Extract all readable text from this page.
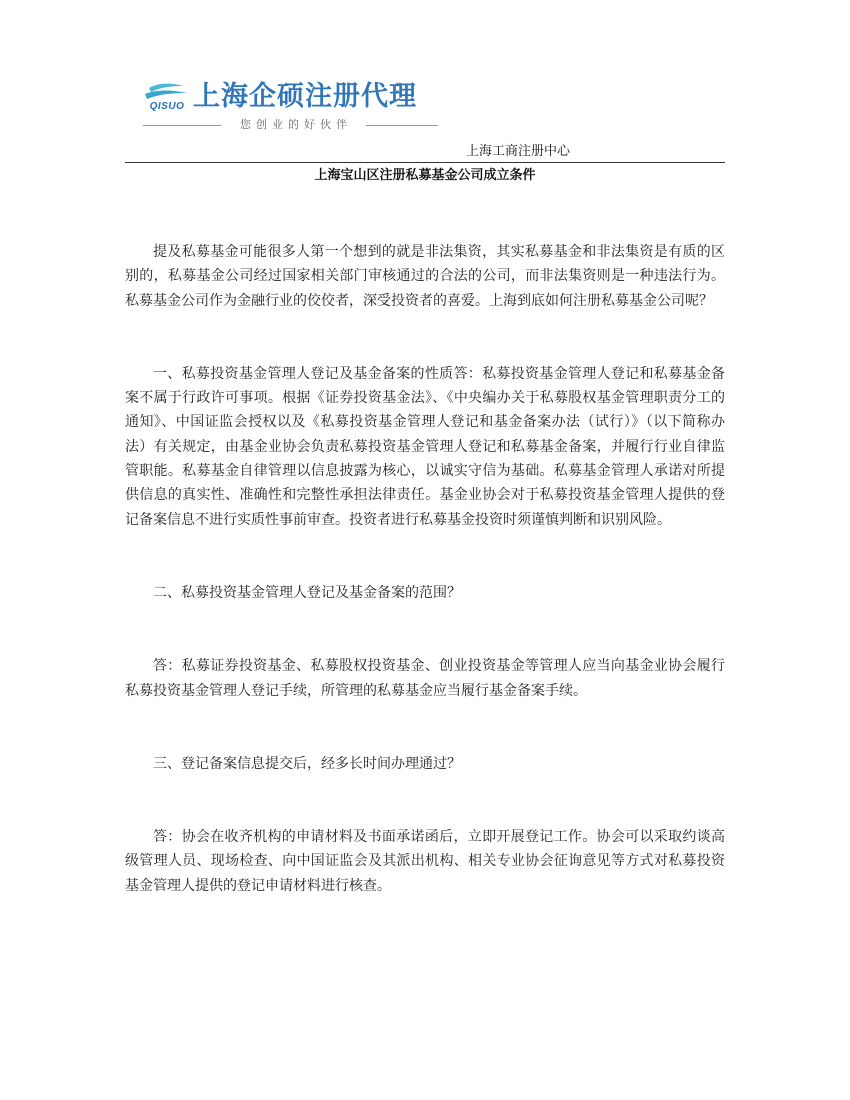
QISUO 上海企硕注册代理
您创业的好伙伴
上海工商注册中心
上海宝山区注册私募基金公司成立条件

提及私募基金可能很多人第一个想到的就是非法集资，其实私募基金和非法集资是有质的区别的，私募基金公司经过国家相关部门审核通过的合法的公司，而非法集资则是一种违法行为。私募基金公司作为金融行业的佼佼者，深受投资者的喜爱。上海到底如何注册私募基金公司呢？

一、私募投资基金管理人登记及基金备案的性质答：私募投资基金管理人登记和私募基金备案不属于行政许可事项。根据《证券投资基金法》、《中央编办关于私募股权基金管理职责分工的通知》、中国证监会授权以及《私募投资基金管理人登记和基金备案办法（试行）》（以下简称办法）有关规定，由基金业协会负责私募投资基金管理人登记和私募基金备案，并履行行业自律监管职能。私募基金自律管理以信息披露为核心，以诚实守信为基础。私募基金管理人承诺对所提供信息的真实性、准确性和完整性承担法律责任。基金业协会对于私募投资基金管理人提供的登记备案信息不进行实质性事前审查。投资者进行私募基金投资时须谨慎判断和识别风险。

二、私募投资基金管理人登记及基金备案的范围？

答：私募证券投资基金、私募股权投资基金、创业投资基金等管理人应当向基金业协会履行私募投资基金管理人登记手续，所管理的私募基金应当履行基金备案手续。

三、登记备案信息提交后，经多长时间办理通过？

答：协会在收齐机构的申请材料及书面承诺函后，立即开展登记工作。协会可以采取约谈高级管理人员、现场检查、向中国证监会及其派出机构、相关专业协会征询意见等方式对私募投资基金管理人提供的登记申请材料进行核查。
